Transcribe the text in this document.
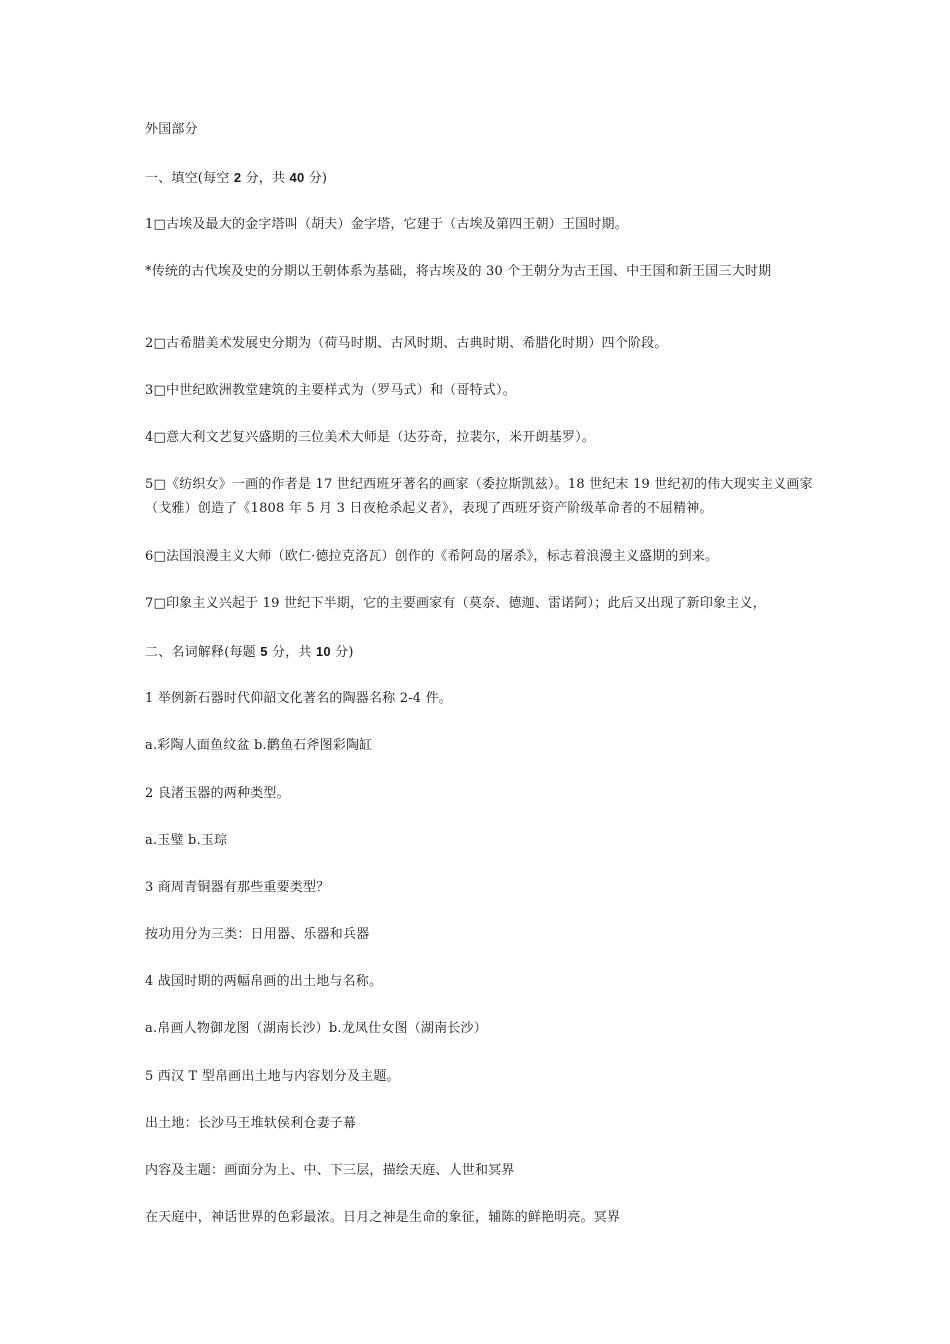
外国部分
一、填空(每空 2 分，共 40 分)
1□古埃及最大的金字塔叫（胡夫）金字塔，它建于（古埃及第四王朝）王国时期。
*传统的古代埃及史的分期以王朝体系为基础，将古埃及的 30 个王朝分为古王国、中王国和新王国三大时期
2□古希腊美术发展史分期为（荷马时期、古风时期、古典时期、希腊化时期）四个阶段。
3□中世纪欧洲教堂建筑的主要样式为（罗马式）和（哥特式）。
4□意大利文艺复兴盛期的三位美术大师是（达芬奇，拉裴尔，米开朗基罗）。
5□《纺织女》一画的作者是 17 世纪西班牙著名的画家（委拉斯凯兹）。18 世纪末 19 世纪初的伟大现实主义画家（戈雅）创造了《1808 年 5 月 3 日夜枪杀起义者》，表现了西班牙资产阶级革命者的不屈精神。
6□法国浪漫主义大师（欧仁·德拉克洛瓦）创作的《希阿岛的屠杀》，标志着浪漫主义盛期的到来。
7□印象主义兴起于 19 世纪下半期，它的主要画家有（莫奈、德迦、雷诺阿）；此后又出现了新印象主义，
二、名词解释(每题 5 分，共 10 分)
1 举例新石器时代仰韶文化著名的陶器名称 2-4 件。
a.彩陶人面鱼纹盆 b.鹳鱼石斧图彩陶缸
2 良渚玉器的两种类型。
a.玉璧 b.玉琮
3 商周青铜器有那些重要类型？
按功用分为三类：日用器、乐器和兵器
4 战国时期的两幅帛画的出土地与名称。
a.帛画人物御龙图（湖南长沙）b.龙凤仕女图（湖南长沙）
5 西汉 T 型帛画出土地与内容划分及主题。
出土地：长沙马王堆轪侯利仓妻子幕
内容及主题：画面分为上、中、下三层，描绘天庭、人世和冥界
在天庭中，神话世界的色彩最浓。日月之神是生命的象征，辅陈的鲜艳明亮。冥界
